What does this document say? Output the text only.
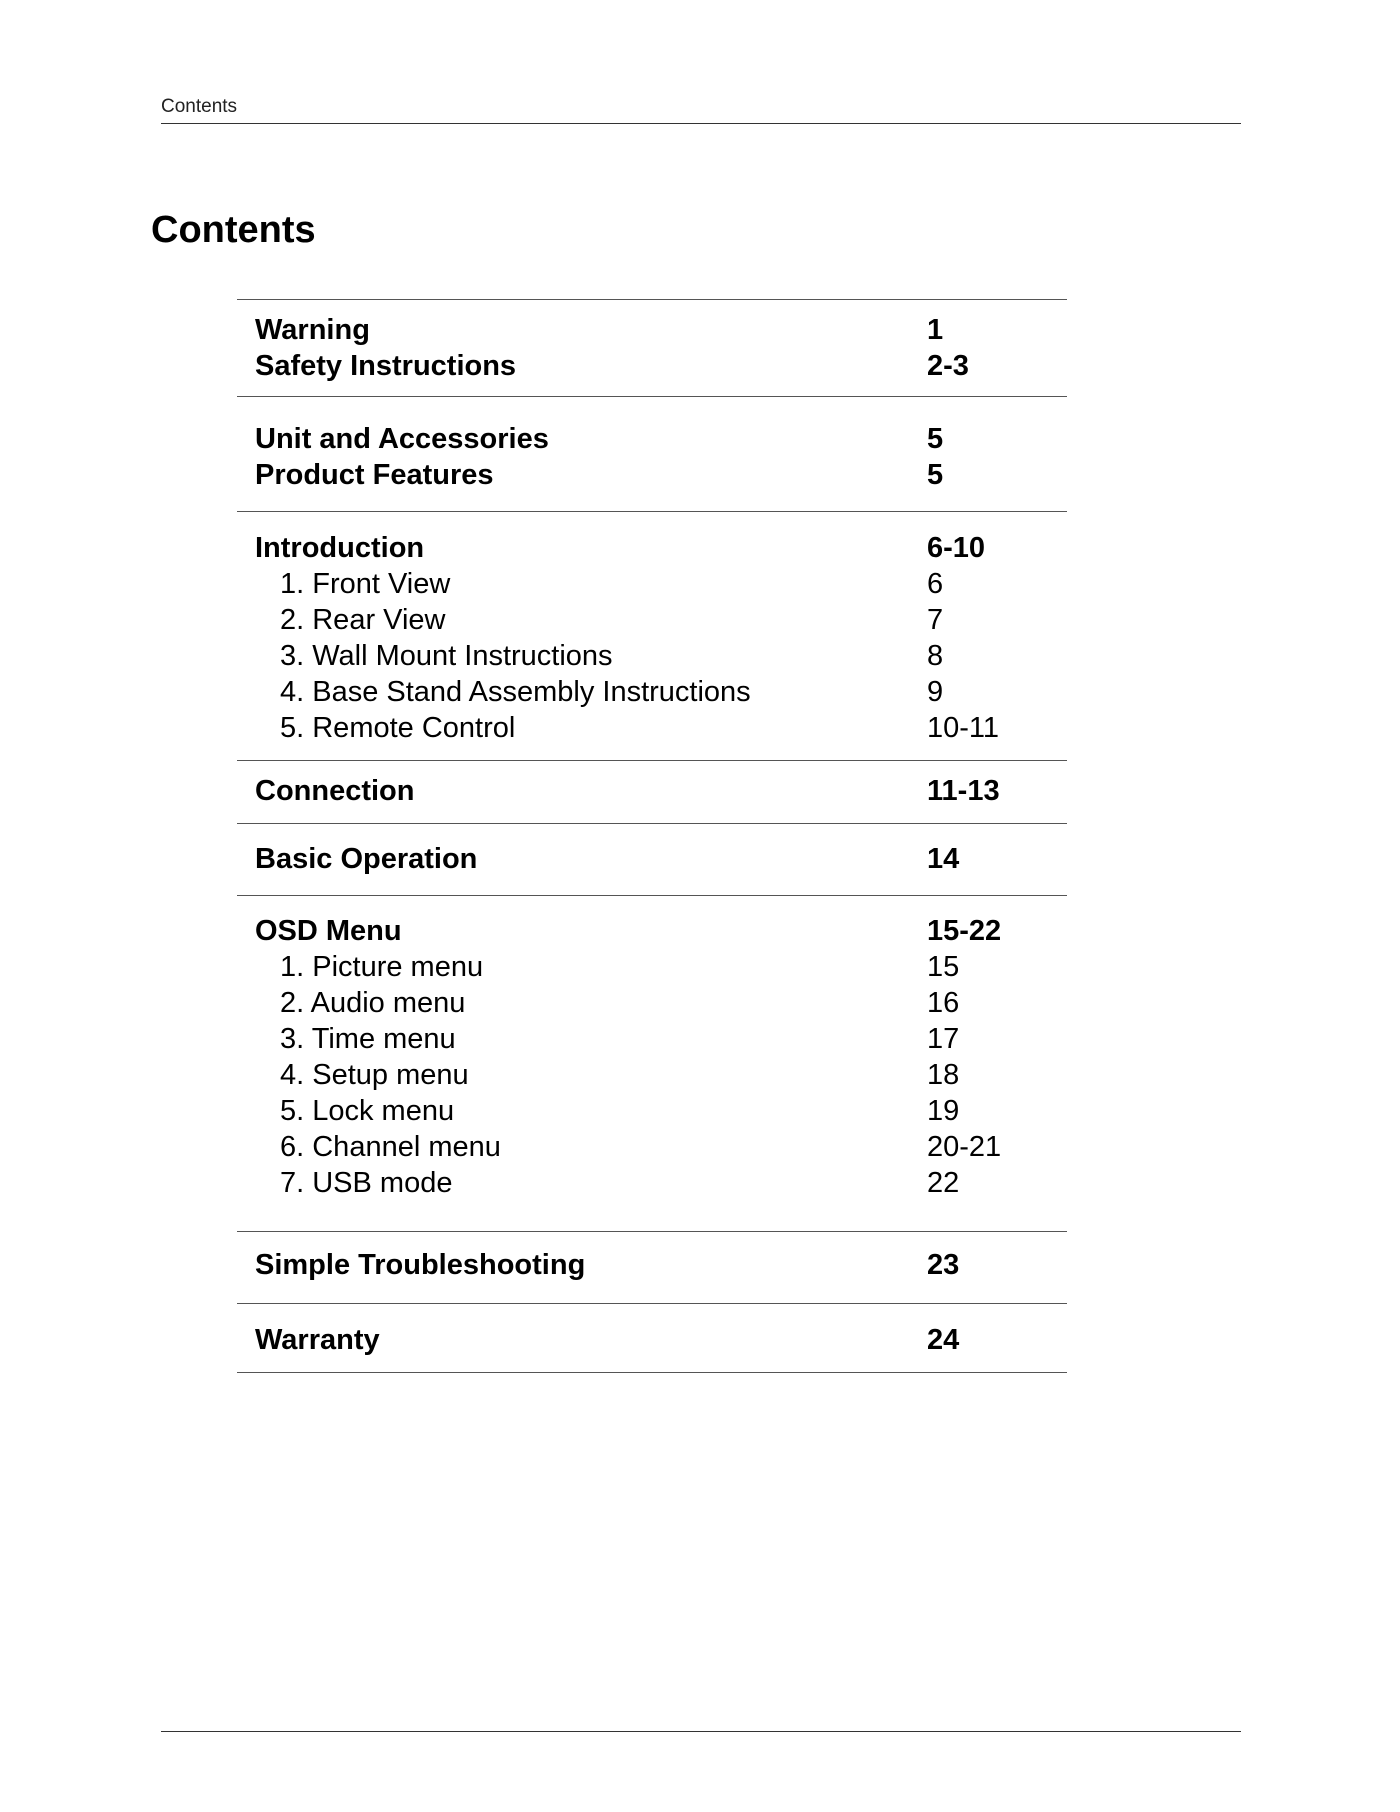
Contents
Contents
Warning	1
Safety Instructions	2-3
Unit and Accessories	5
Product Features	5
Introduction	6-10
1. Front View	6
2. Rear View	7
3. Wall Mount Instructions	8
4. Base Stand Assembly Instructions	9
5. Remote Control	10-11
Connection	11-13
Basic Operation	14
OSD Menu	15-22
1. Picture menu	15
2. Audio menu	16
3. Time menu	17
4. Setup menu	18
5. Lock menu	19
6. Channel menu	20-21
7. USB mode	22
Simple Troubleshooting	23
Warranty	24
